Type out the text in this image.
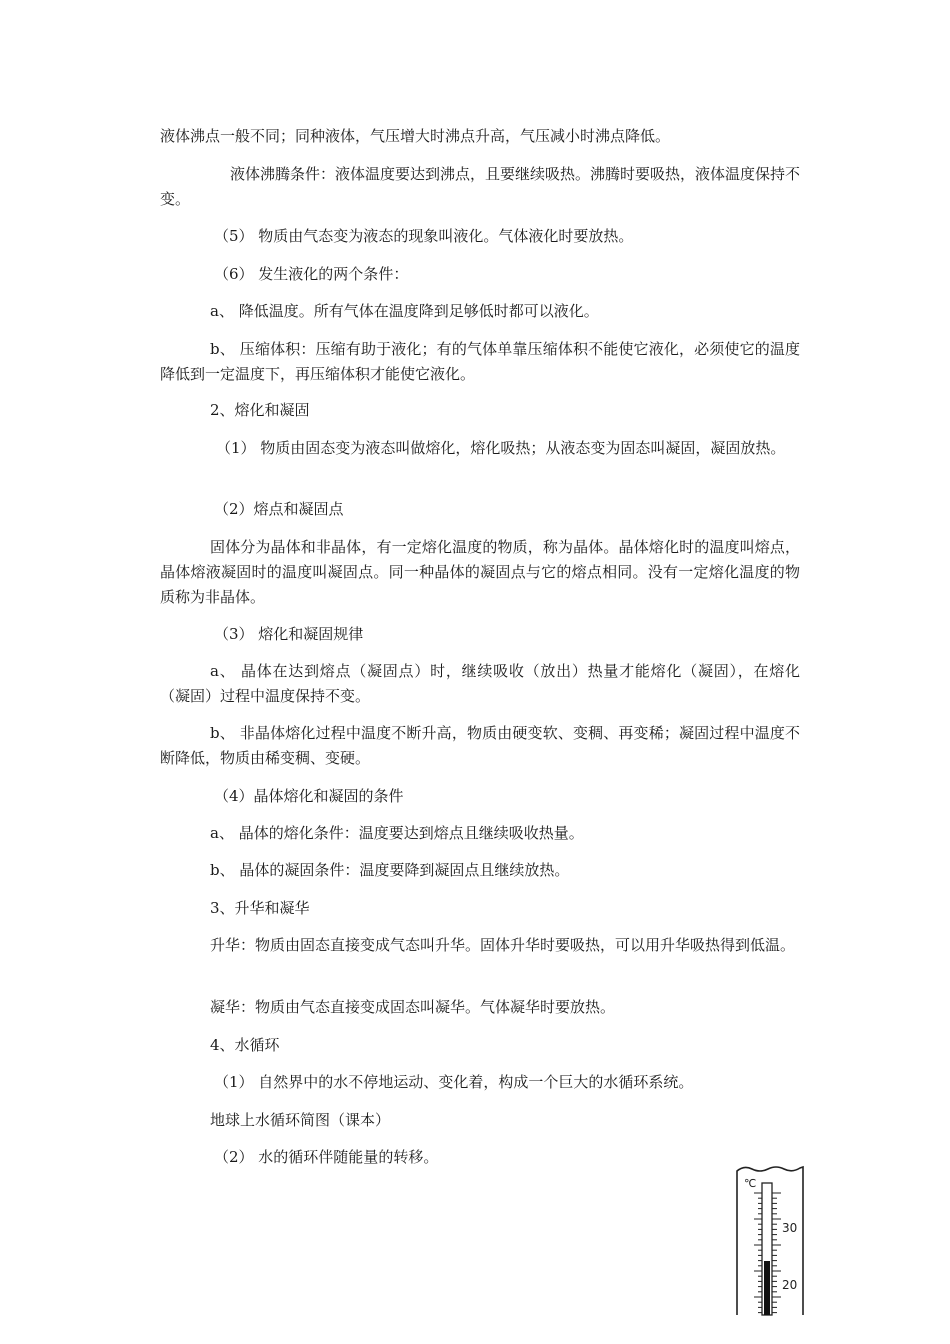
液体沸点一般不同；同种液体，气压增大时沸点升高，气压减小时沸点降低。
液体沸腾条件：液体温度要达到沸点，且要继续吸热。沸腾时要吸热，液体温度保持不变。
（5） 物质由气态变为液态的现象叫液化。气体液化时要放热。
（6） 发生液化的两个条件：
a、 降低温度。所有气体在温度降到足够低时都可以液化。
b、 压缩体积：压缩有助于液化；有的气体单靠压缩体积不能使它液化，必须使它的温度降低到一定温度下，再压缩体积才能使它液化。
2、熔化和凝固
（1） 物质由固态变为液态叫做熔化，熔化吸热；从液态变为固态叫凝固，凝固放热。
（2）熔点和凝固点
固体分为晶体和非晶体，有一定熔化温度的物质，称为晶体。晶体熔化时的温度叫熔点，晶体熔液凝固时的温度叫凝固点。同一种晶体的凝固点与它的熔点相同。没有一定熔化温度的物质称为非晶体。
（3） 熔化和凝固规律
a、 晶体在达到熔点（凝固点）时，继续吸收（放出）热量才能熔化（凝固），在熔化（凝固）过程中温度保持不变。
b、 非晶体熔化过程中温度不断升高，物质由硬变软、变稠、再变稀；凝固过程中温度不断降低，物质由稀变稠、变硬。
（4）晶体熔化和凝固的条件
a、 晶体的熔化条件：温度要达到熔点且继续吸收热量。
b、 晶体的凝固条件：温度要降到凝固点且继续放热。
3、升华和凝华
升华：物质由固态直接变成气态叫升华。固体升华时要吸热，可以用升华吸热得到低温。
凝华：物质由气态直接变成固态叫凝华。气体凝华时要放热。
4、水循环
（1） 自然界中的水不停地运动、变化着，构成一个巨大的水循环系统。
地球上水循环简图（课本）
（2） 水的循环伴随能量的转移。
℃
30
20
